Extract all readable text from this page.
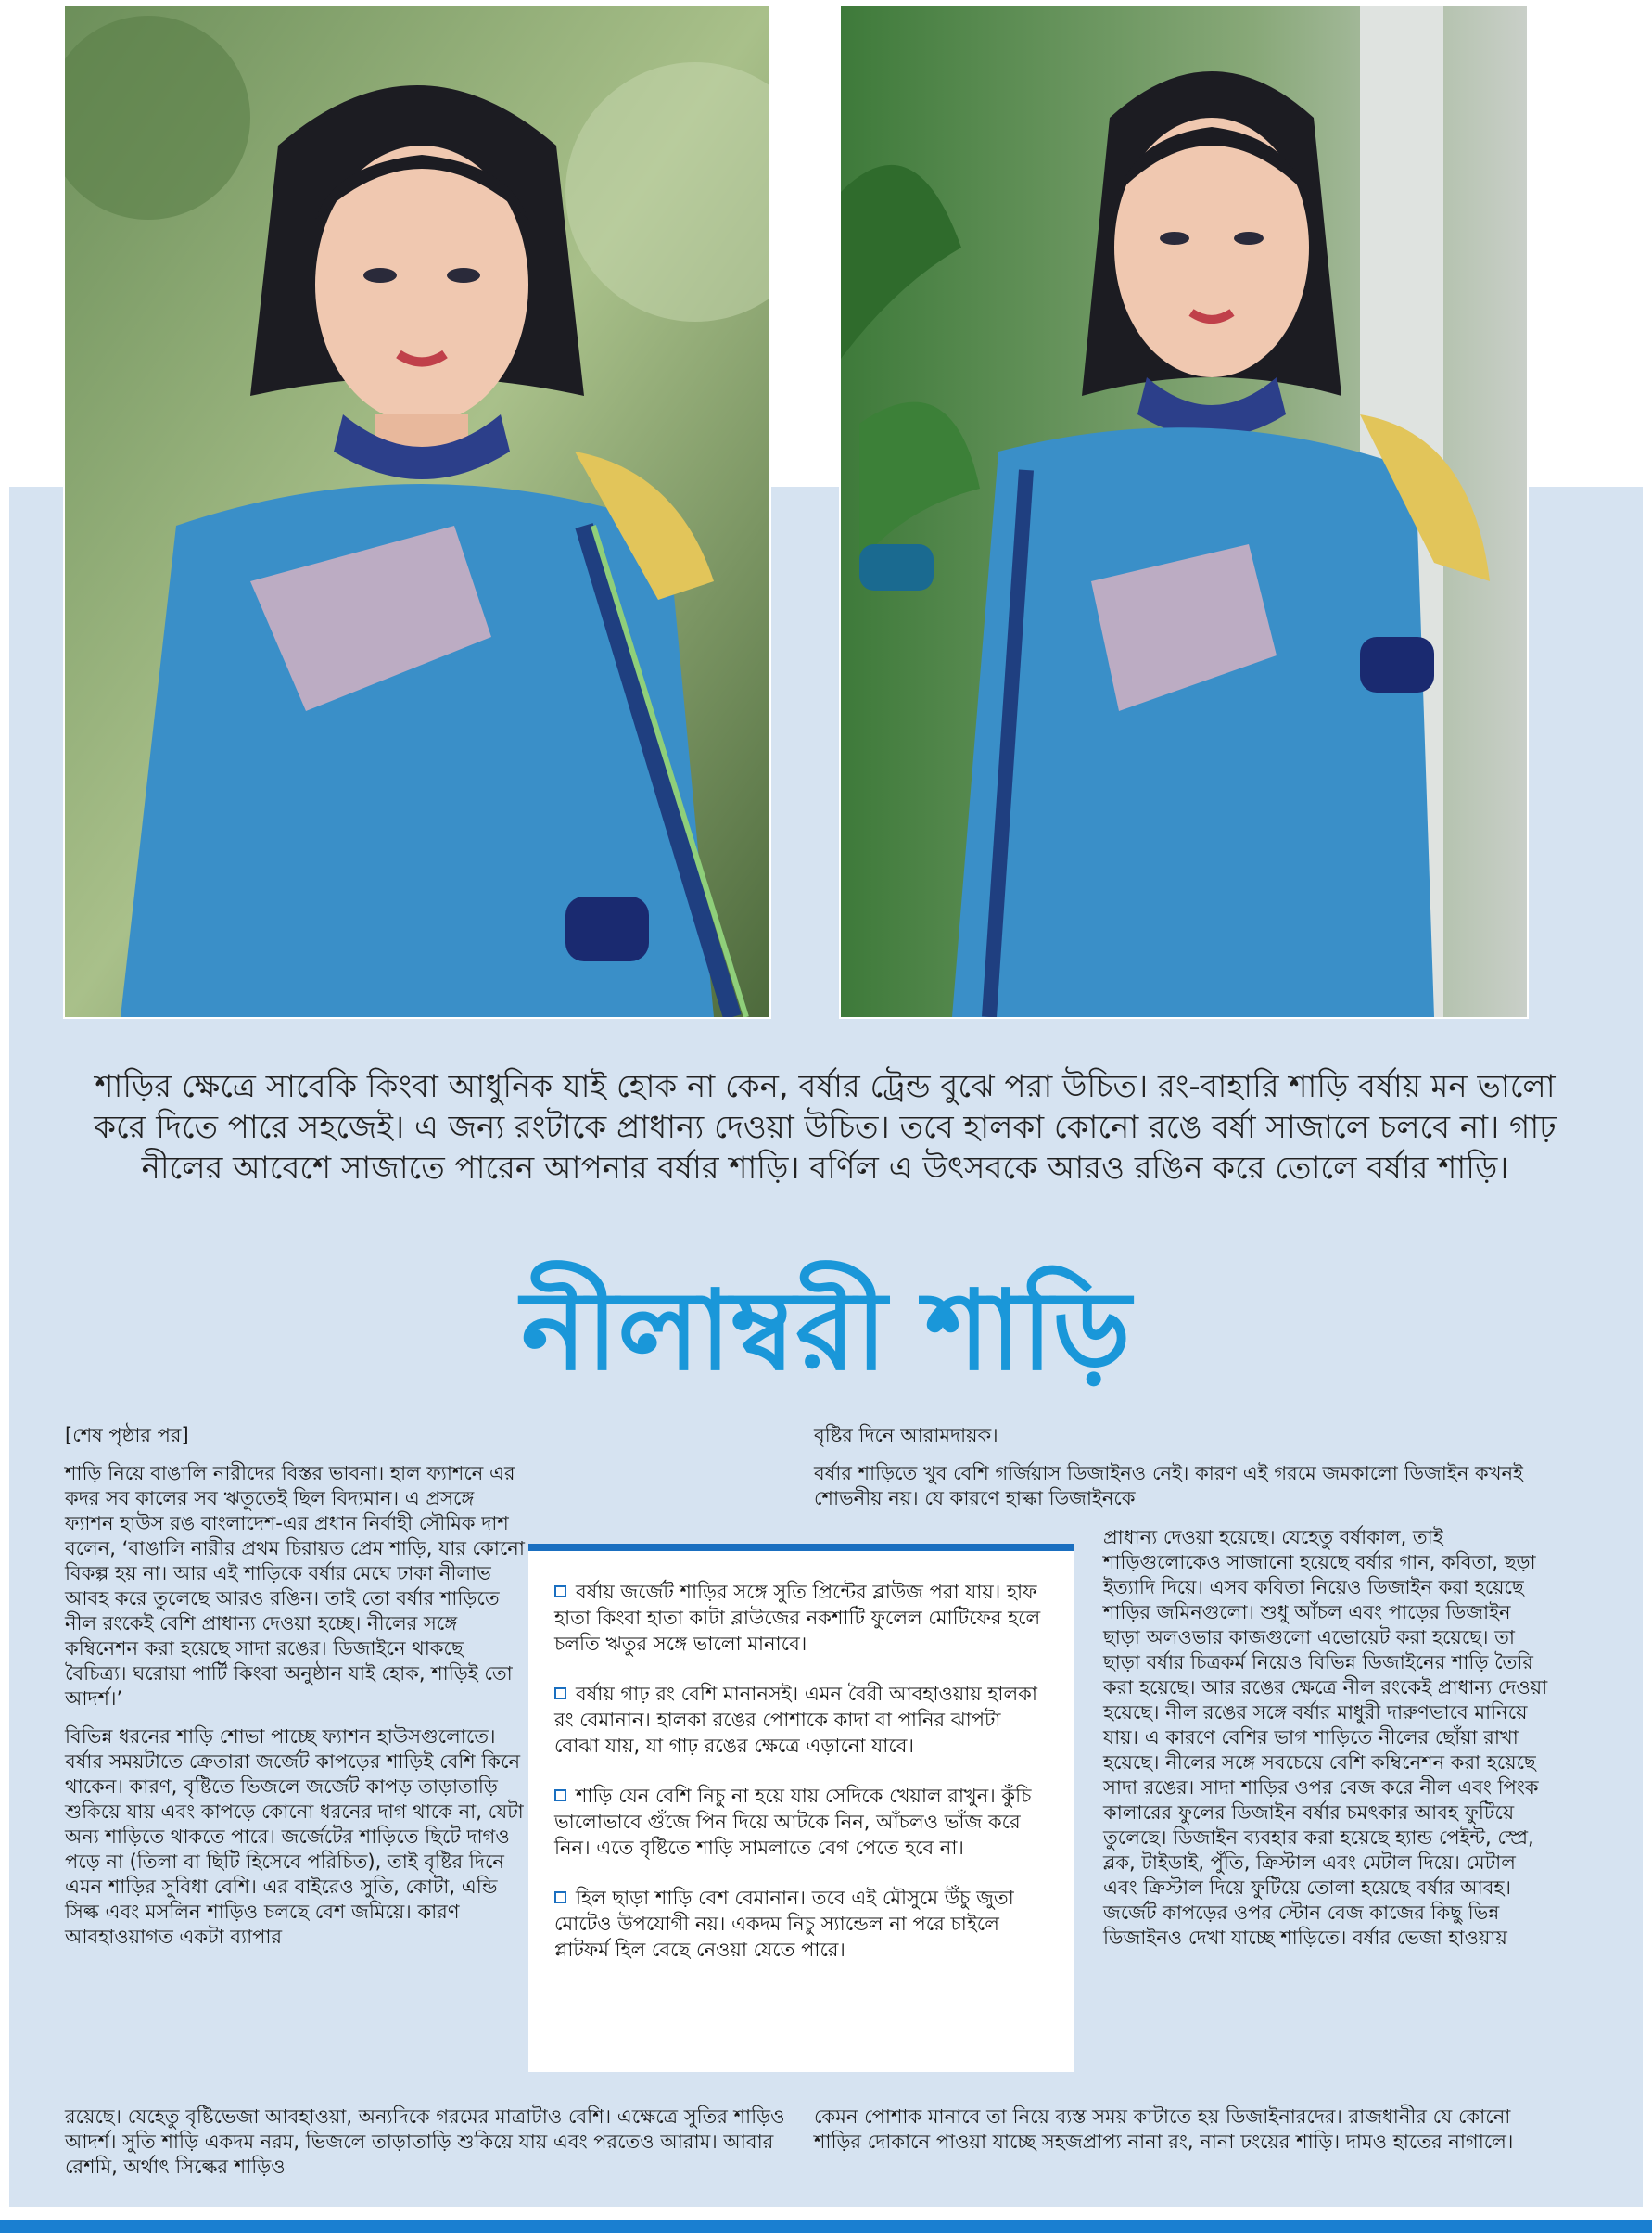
শাড়ির ক্ষেত্রে সাবেকি কিংবা আধুনিক যাই হোক না কেন, বর্ষার ট্রেন্ড বুঝে পরা উচিত। রং-বাহারি শাড়ি বর্ষায় মন ভালো করে দিতে পারে সহজেই। এ জন্য রংটাকে প্রাধান্য দেওয়া উচিত। তবে হালকা কোনো রঙে বর্ষা সাজালে চলবে না। গাঢ় নীলের আবেশে সাজাতে পারেন আপনার বর্ষার শাড়ি। বর্ণিল এ উৎসবকে আরও রঙিন করে তোলে বর্ষার শাড়ি।
নীলাম্বরী শাড়ি

[শেষ পৃষ্ঠার পর]

শাড়ি নিয়ে বাঙালি নারীদের বিস্তর ভাবনা। হাল ফ্যাশনে এর কদর সব কালের সব ঋতুতেই ছিল বিদ্যমান। এ প্রসঙ্গে ফ্যাশন হাউস রঙ বাংলাদেশ-এর প্রধান নির্বাহী সৌমিক দাশ বলেন, ‘বাঙালি নারীর প্রথম চিরায়ত প্রেম শাড়ি, যার কোনো বিকল্প হয় না। আর এই শাড়িকে বর্ষার মেঘে ঢাকা নীলাভ আবহ করে তুলেছে আরও রঙিন। তাই তো বর্ষার শাড়িতে নীল রংকেই বেশি প্রাধান্য দেওয়া হচ্ছে। নীলের সঙ্গে কম্বিনেশন করা হয়েছে সাদা রঙের। ডিজাইনে থাকছে বৈচিত্র্য। ঘরোয়া পার্টি কিংবা অনুষ্ঠান যাই হোক, শাড়িই তো আদর্শ।’

বিভিন্ন ধরনের শাড়ি শোভা পাচ্ছে ফ্যাশন হাউসগুলোতে। বর্ষার সময়টাতে ক্রেতারা জর্জেট কাপড়ের শাড়িই বেশি কিনে থাকেন। কারণ, বৃষ্টিতে ভিজলে জর্জেট কাপড় তাড়াতাড়ি শুকিয়ে যায় এবং কাপড়ে কোনো ধরনের দাগ থাকে না, যেটা অন্য শাড়িতে থাকতে পারে। জর্জেটের শাড়িতে ছিটে দাগও পড়ে না (তিলা বা ছিটি হিসেবে পরিচিত), তাই বৃষ্টির দিনে এমন শাড়ির সুবিধা বেশি। এর বাইরেও সুতি, কোটা, এন্ডি সিল্ক এবং মসলিন শাড়িও চলছে বেশ জমিয়ে। কারণ আবহাওয়াগত একটা ব্যাপার

রয়েছে। যেহেতু বৃষ্টিভেজা আবহাওয়া, অন্যদিকে গরমের মাত্রাটাও বেশি। এক্ষেত্রে সুতির শাড়িও আদর্শ। সুতি শাড়ি একদম নরম, ভিজলে তাড়াতাড়ি শুকিয়ে যায় এবং পরতেও আরাম। আবার রেশমি, অর্থাৎ সিল্কের শাড়িও

বৃষ্টির দিনে আরামদায়ক।

বর্ষার শাড়িতে খুব বেশি গর্জিয়াস ডিজাইনও নেই। কারণ এই গরমে জমকালো ডিজাইন কখনই শোভনীয় নয়। যে কারণে হাল্কা ডিজাইনকে

প্রাধান্য দেওয়া হয়েছে। যেহেতু বর্ষাকাল, তাই শাড়িগুলোকেও সাজানো হয়েছে বর্ষার গান, কবিতা, ছড়া ইত্যাদি দিয়ে। এসব কবিতা নিয়েও ডিজাইন করা হয়েছে শাড়ির জমিনগুলো। শুধু আঁচল এবং পাড়ের ডিজাইন ছাড়া অলওভার কাজগুলো এভোয়েট করা হয়েছে। তা ছাড়া বর্ষার চিত্রকর্ম নিয়েও বিভিন্ন ডিজাইনের শাড়ি তৈরি করা হয়েছে। আর রঙের ক্ষেত্রে নীল রংকেই প্রাধান্য দেওয়া হয়েছে। নীল রঙের সঙ্গে বর্ষার মাধুরী দারুণভাবে মানিয়ে যায়। এ কারণে বেশির ভাগ শাড়িতে নীলের ছোঁয়া রাখা হয়েছে। নীলের সঙ্গে সবচেয়ে বেশি কম্বিনেশন করা হয়েছে সাদা রঙের। সাদা শাড়ির ওপর বেজ করে নীল এবং পিংক কালারের ফুলের ডিজাইন বর্ষার চমৎকার আবহ ফুটিয়ে তুলেছে। ডিজাইন ব্যবহার করা হয়েছে হ্যান্ড পেইন্ট, স্প্রে, ব্লক, টাইডাই, পুঁতি, ক্রিস্টাল এবং মেটাল দিয়ে। মেটাল এবং ক্রিস্টাল দিয়ে ফুটিয়ে তোলা হয়েছে বর্ষার আবহ। জর্জেট কাপড়ের ওপর স্টোন বেজ কাজের কিছু ভিন্ন ডিজাইনও দেখা যাচ্ছে শাড়িতে। বর্ষার ভেজা হাওয়ায়

কেমন পোশাক মানাবে তা নিয়ে ব্যস্ত সময় কাটাতে হয় ডিজাইনারদের। রাজধানীর যে কোনো শাড়ির দোকানে পাওয়া যাচ্ছে সহজপ্রাপ্য নানা রং, নানা ঢংয়ের শাড়ি। দামও হাতের নাগালে।

বর্ষায় জর্জেট শাড়ির সঙ্গে সুতি প্রিন্টের ব্লাউজ পরা যায়। হাফ হাতা কিংবা হাতা কাটা ব্লাউজের নকশাটি ফুলেল মোটিফের হলে চলতি ঋতুর সঙ্গে ভালো মানাবে।

বর্ষায় গাঢ় রং বেশি মানানসই। এমন বৈরী আবহাওয়ায় হালকা রং বেমানান। হালকা রঙের পোশাকে কাদা বা পানির ঝাপটা বোঝা যায়, যা গাঢ় রঙের ক্ষেত্রে এড়ানো যাবে।

শাড়ি যেন বেশি নিচু না হয়ে যায় সেদিকে খেয়াল রাখুন। কুঁচি ভালোভাবে গুঁজে পিন দিয়ে আটকে নিন, আঁচলও ভাঁজ করে নিন। এতে বৃষ্টিতে শাড়ি সামলাতে বেগ পেতে হবে না।

হিল ছাড়া শাড়ি বেশ বেমানান। তবে এই মৌসুমে উঁচু জুতা মোটেও উপযোগী নয়। একদম নিচু স্যান্ডেল না পরে চাইলে প্লাটফর্ম হিল বেছে নেওয়া যেতে পারে।
